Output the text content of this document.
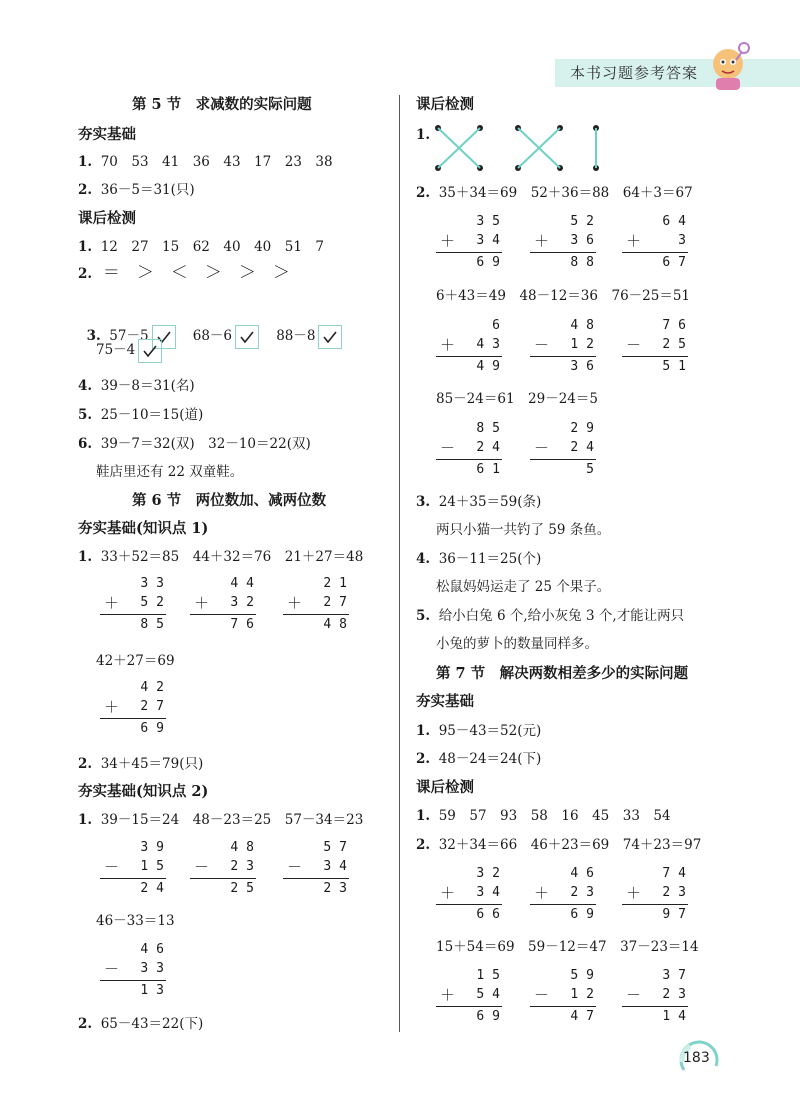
本书习题参考答案
第 5 节　求减数的实际问题
夯实基础
1. 70　53　41　36　43　17　23　38
2. 36－5＝31(只)
课后检测
1. 12　27　15　62　40　40　51　7
2. ＝　＞　＜　＞　＞　＞

3. 57－5	68－6	88－8

75－4
4. 39－8＝31(名)
5. 25－10＝15(道)
6. 39－7＝32(双)　32－10＝22(双)
鞋店里还有 22 双童鞋。
第 6 节　两位数加、减两位数
夯实基础(知识点 1)
1. 33＋52＝85　44＋32＝76　21＋27＝48
33
＋	52
85
44
＋	32
76
21
＋	27
48
42＋27＝69
42
＋	27
69
2. 34＋45＝79(只)
夯实基础(知识点 2)
1. 39－15＝24　48－23＝25　57－34＝23
39
－	15
24
48
－	23
25
57
－	34
23
46－33＝13
46
－	33
13
2. 65－43＝22(下)
课后检测
1.
2. 35＋34＝69　52＋36＝88　64＋3＝67
35
＋	34
69
52
＋	36
88
64
＋	3
67
6＋43＝49　48－12＝36　76－25＝51
6
＋	43
49
48
－	12
36
76
－	25
51
85－24＝61　29－24＝5
85
－	24
61
29
－	24
5
3. 24＋35＝59(条)
两只小猫一共钓了 59 条鱼。
4. 36－11＝25(个)
松鼠妈妈运走了 25 个果子。
5. 给小白兔 6 个,给小灰兔 3 个,才能让两只
小兔的萝卜的数量同样多。
第 7 节　解决两数相差多少的实际问题
夯实基础
1. 95－43＝52(元)
2. 48－24＝24(下)
课后检测
1. 59　57　93　58　16　45　33　54
2. 32＋34＝66　46＋23＝69　74＋23＝97
32
＋	34
66
46
＋	23
69
74
＋	23
97
15＋54＝69　59－12＝47　37－23＝14
15
＋	54
69
59
－	12
47
37
－	23
14
183
